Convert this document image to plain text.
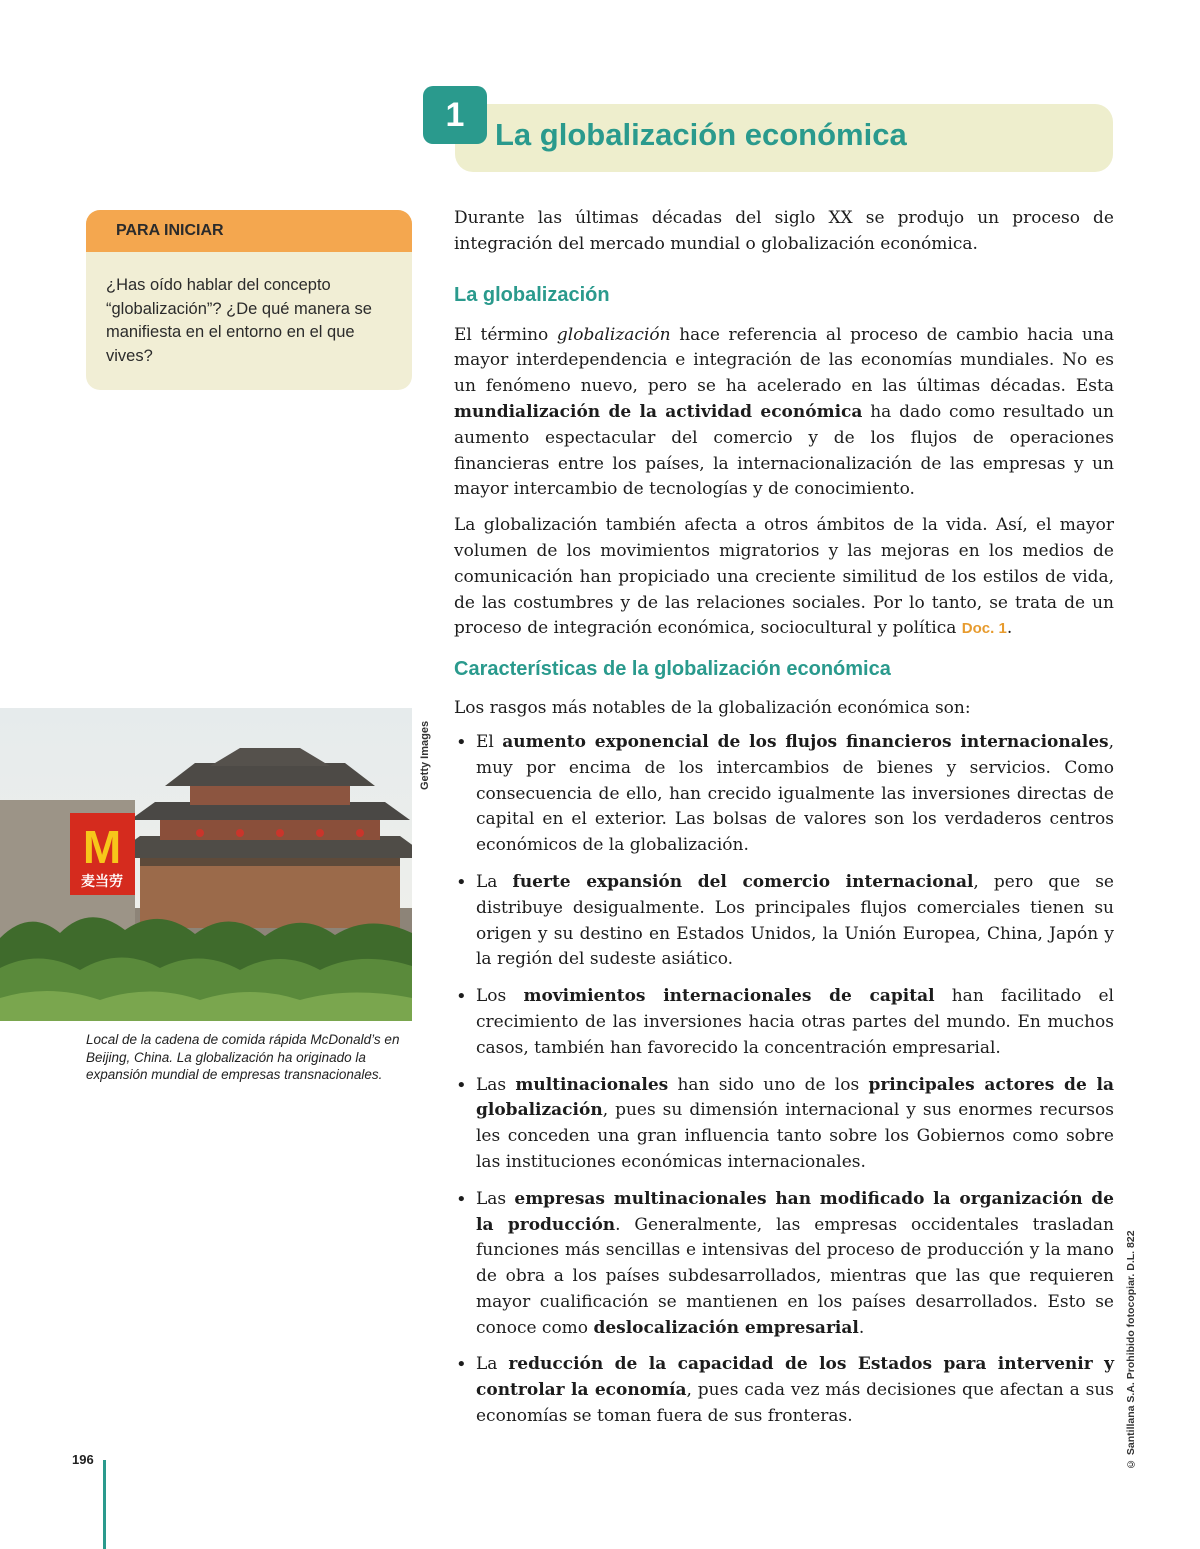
1
La globalización económica
PARA INICIAR
¿Has oído hablar del concepto “globalización”? ¿De qué manera se manifiesta en el entorno en el que vives?
M
麦当劳
Getty Images

Local de la cadena de comida rápida McDonald’s en Beijing, China. La globalización ha originado la expansión mundial de empresas transnacionales.

Durante las últimas décadas del siglo XX se produjo un proceso de integración del mercado mundial o globalización económica.

La globalización

El término globalización hace referencia al proceso de cambio hacia una mayor interdependencia e integración de las economías mundiales. No es un fenómeno nuevo, pero se ha acelerado en las últimas décadas. Esta mundialización de la actividad económica ha dado como resultado un aumento espectacular del comercio y de los flujos de operaciones financieras entre los países, la internacionalización de las empresas y un mayor intercambio de tecnologías y de conocimiento.

La globalización también afecta a otros ámbitos de la vida. Así, el mayor volumen de los movimientos migratorios y las mejoras en los medios de comunicación han propiciado una creciente similitud de los estilos de vida, de las costumbres y de las relaciones sociales. Por lo tanto, se trata de un proceso de integración económica, sociocultural y política Doc. 1.

Características de la globalización económica

Los rasgos más notables de la globalización económica son:

• El aumento exponencial de los flujos financieros internacionales, muy por encima de los intercambios de bienes y servicios. Como consecuencia de ello, han crecido igualmente las inversiones directas de capital en el exterior. Las bolsas de valores son los verdaderos centros económicos de la globalización.
• La fuerte expansión del comercio internacional, pero que se distribuye desigualmente. Los principales flujos comerciales tienen su origen y su destino en Estados Unidos, la Unión Europea, China, Japón y la región del sudeste asiático.
• Los movimientos internacionales de capital han facilitado el crecimiento de las inversiones hacia otras partes del mundo. En muchos casos, también han favorecido la concentración empresarial.
• Las multinacionales han sido uno de los principales actores de la globalización, pues su dimensión internacional y sus enormes recursos les conceden una gran influencia tanto sobre los Gobiernos como sobre las instituciones económicas internacionales.
• Las empresas multinacionales han modificado la organización de la producción. Generalmente, las empresas occidentales trasladan funciones más sencillas e intensivas del proceso de producción y la mano de obra a los países subdesarrollados, mientras que las que requieren mayor cualificación se mantienen en los países desarrollados. Esto se conoce como deslocalización empresarial.
• La reducción de la capacidad de los Estados para intervenir y controlar la economía, pues cada vez más decisiones que afectan a sus economías se toman fuera de sus fronteras.
196	© Santillana S.A. Prohibido fotocopiar. D.L. 822
